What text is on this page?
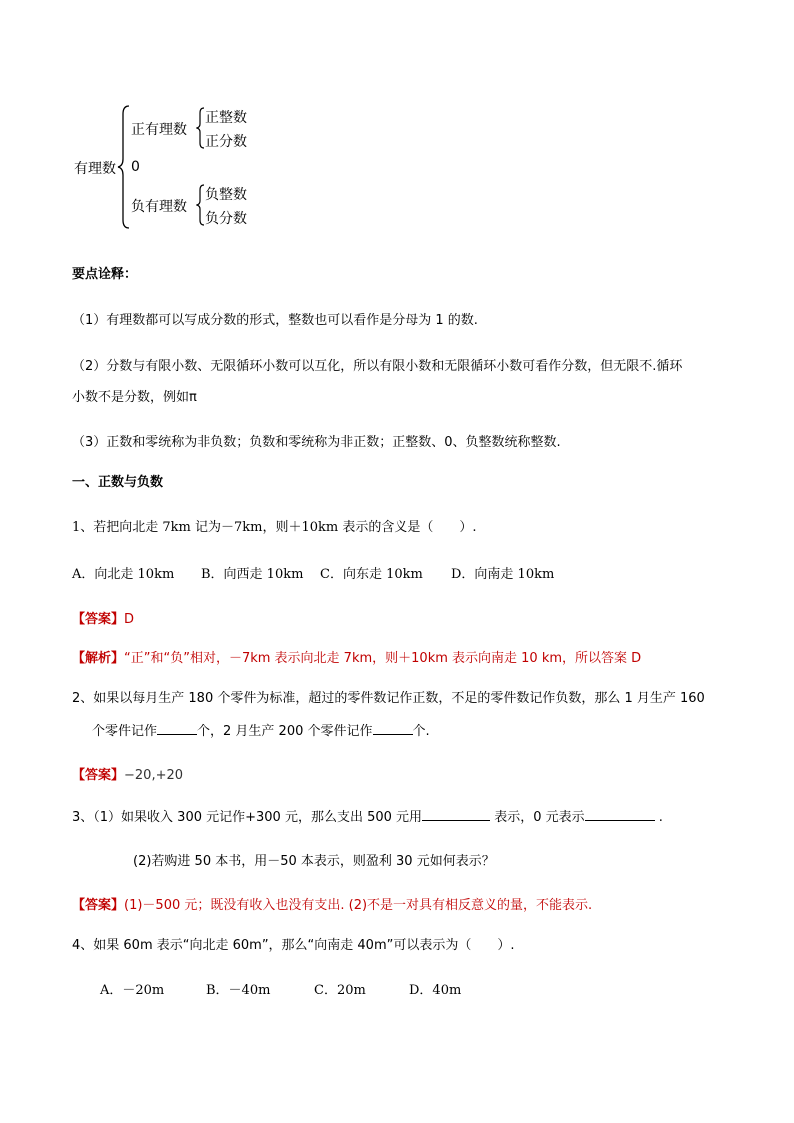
有理数
正有理数
0
负有理数
正整数
正分数
负整数
负分数
要点诠释：
（1）有理数都可以写成分数的形式，整数也可以看作是分母为 1 的数.
（2）分数与有限小数、无限循环小数可以互化，所以有限小数和无限循环小数可看作分数，但无限不.循环
小数不是分数，例如π
（3）正数和零统称为非负数；负数和零统称为非正数；正整数、0、负整数统称整数.
一、正数与负数
1、若把向北走 7km 记为－7km，则＋10km 表示的含义是（　　）.
A．向北走 10km B．向西走 10km C．向东走 10km D．向南走 10km
【答案】D
【解析】“正”和“负”相对，－7km 表示向北走 7km，则＋10km 表示向南走 10 km，所以答案 D
2、如果以每月生产 180 个零件为标准，超过的零件数记作正数，不足的零件数记作负数，那么 1 月生产 160
个零件记作	个，2 月生产 200 个零件记作	个.
【答案】−20,+20
3、（1）如果收入 300 元记作+300 元，那么支出 500 元用	表示，0 元表示	.
(2)若购进 50 本书，用－50 本表示，则盈利 30 元如何表示？
【答案】(1)－500 元；既没有收入也没有支出. (2)不是一对具有相反意义的量，不能表示.
4、如果 60m 表示“向北走 60m”，那么“向南走 40m”可以表示为（　　）.
A．－20m	B．－40m	C．20m	D．40m
